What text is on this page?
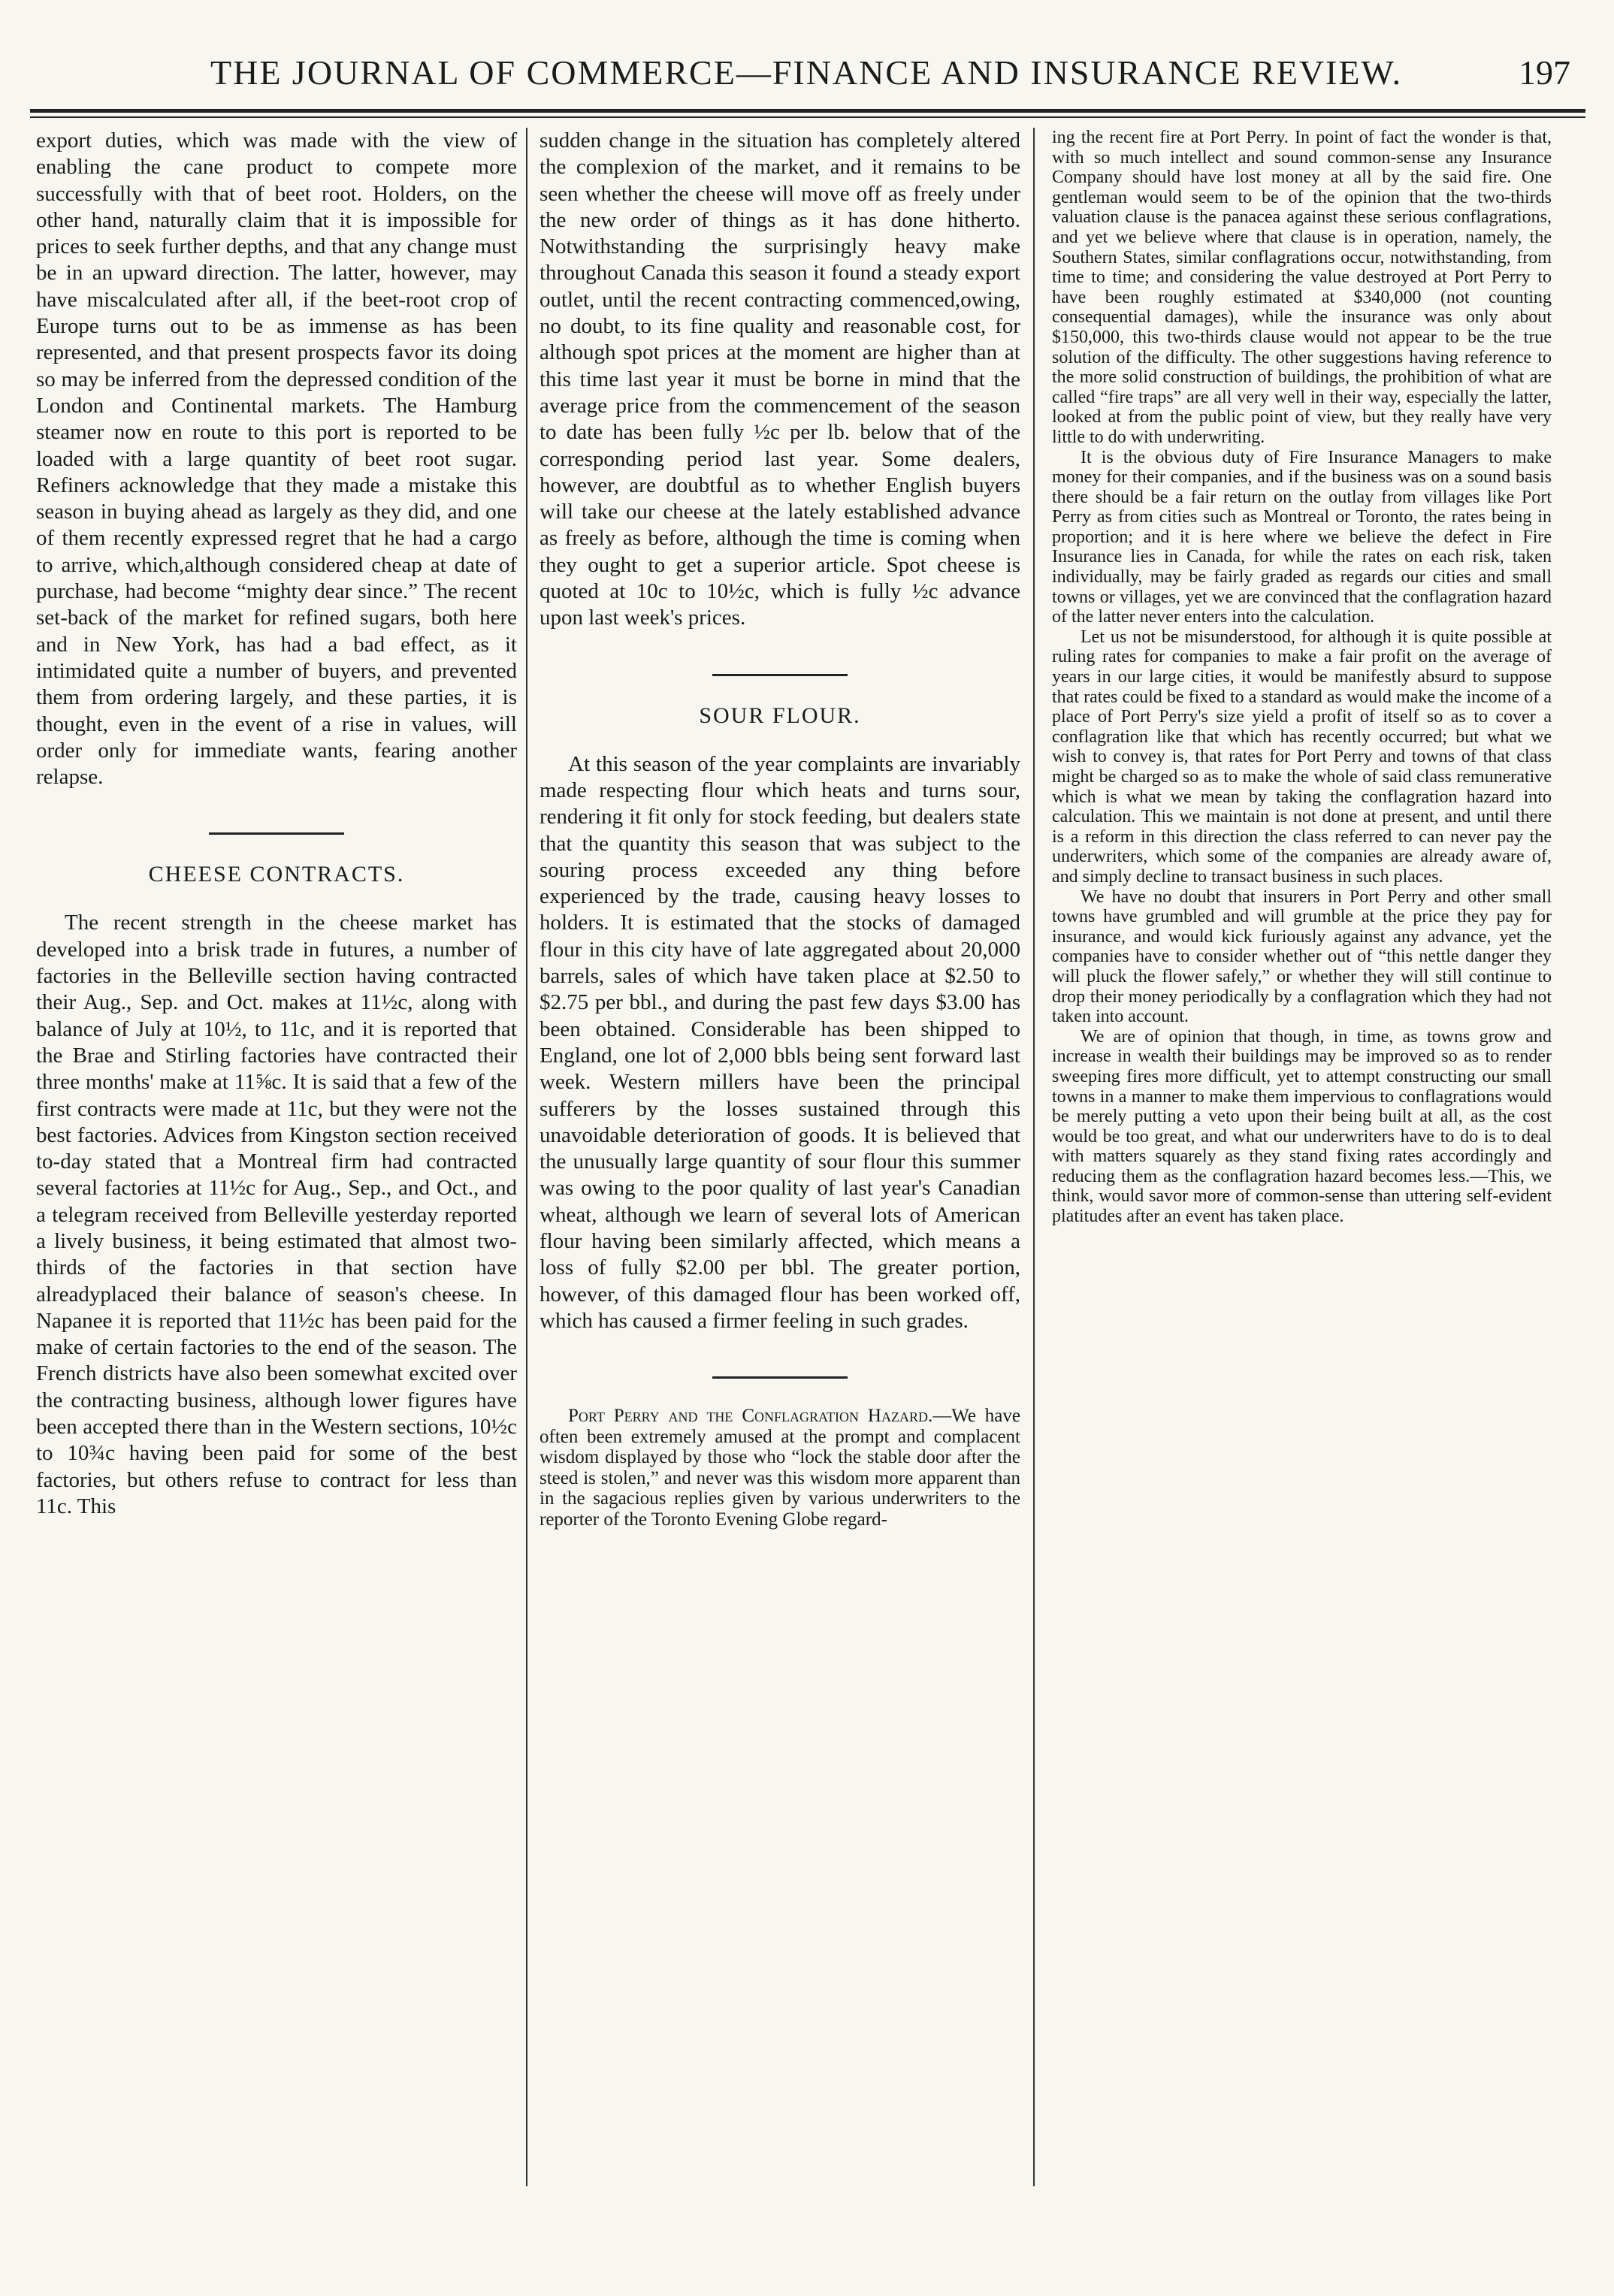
THE JOURNAL OF COMMERCE—FINANCE AND INSURANCE REVIEW.	197

export duties, which was made with the view of enabling the cane product to compete more successfully with that of beet root. Holders, on the other hand, naturally claim that it is impossible for prices to seek further depths, and that any change must be in an upward direction. The latter, however, may have miscalculated after all, if the beet-root crop of Europe turns out to be as immense as has been represented, and that present prospects favor its doing so may be inferred from the depressed condition of the London and Continental markets. The Hamburg steamer now en route to this port is reported to be loaded with a large quantity of beet root sugar. Refiners acknowledge that they made a mistake this season in buying ahead as largely as they did, and one of them recently expressed regret that he had a cargo to arrive, which,although considered cheap at date of purchase, had become “mighty dear since.” The recent set-back of the market for refined sugars, both here and in New York, has had a bad effect, as it intimidated quite a number of buyers, and prevented them from ordering largely, and these parties, it is thought, even in the event of a rise in values, will order only for immediate wants, fearing another relapse.

CHEESE CONTRACTS.

The recent strength in the cheese market has developed into a brisk trade in futures, a number of factories in the Belleville section having contracted their Aug., Sep. and Oct. makes at 11½c, along with balance of July at 10½, to 11c, and it is reported that the Brae and Stirling factories have contracted their three months' make at 11⅝c. It is said that a few of the first contracts were made at 11c, but they were not the best factories. Advices from Kingston section received to-day stated that a Montreal firm had contracted several factories at 11½c for Aug., Sep., and Oct., and a telegram received from Belleville yesterday reported a lively business, it being estimated that almost two-thirds of the factories in that section have alreadyplaced their balance of season's cheese. In Napanee it is reported that 11½c has been paid for the make of certain factories to the end of the season. The French districts have also been somewhat excited over the contracting business, although lower figures have been accepted there than in the Western sections, 10½c to 10¾c having been paid for some of the best factories, but others refuse to contract for less than 11c. This

sudden change in the situation has completely altered the complexion of the market, and it remains to be seen whether the cheese will move off as freely under the new order of things as it has done hitherto. Notwithstanding the surprisingly heavy make throughout Canada this season it found a steady export outlet, until the recent contracting commenced,owing, no doubt, to its fine quality and reasonable cost, for although spot prices at the moment are higher than at this time last year it must be borne in mind that the average price from the commencement of the season to date has been fully ½c per lb. below that of the corresponding period last year. Some dealers, however, are doubtful as to whether English buyers will take our cheese at the lately established advance as freely as before, although the time is coming when they ought to get a superior article. Spot cheese is quoted at 10c to 10½c, which is fully ½c advance upon last week's prices.

SOUR FLOUR.

At this season of the year complaints are invariably made respecting flour which heats and turns sour, rendering it fit only for stock feeding, but dealers state that the quantity this season that was subject to the souring process exceeded any thing before experienced by the trade, causing heavy losses to holders. It is estimated that the stocks of damaged flour in this city have of late aggregated about 20,000 barrels, sales of which have taken place at $2.50 to $2.75 per bbl., and during the past few days $3.00 has been obtained. Considerable has been shipped to England, one lot of 2,000 bbls being sent forward last week. Western millers have been the principal sufferers by the losses sustained through this unavoidable deterioration of goods. It is believed that the unusually large quantity of sour flour this summer was owing to the poor quality of last year's Canadian wheat, although we learn of several lots of American flour having been similarly affected, which means a loss of fully $2.00 per bbl. The greater portion, however, of this damaged flour has been worked off, which has caused a firmer feeling in such grades.

Port Perry and the Conflagration Hazard.—We have often been extremely amused at the prompt and complacent wisdom displayed by those who “lock the stable door after the steed is stolen,” and never was this wisdom more apparent than in the sagacious replies given by various underwriters to the reporter of the Toronto Evening Globe regard-

ing the recent fire at Port Perry. In point of fact the wonder is that, with so much intellect and sound common-sense any Insurance Company should have lost money at all by the said fire. One gentleman would seem to be of the opinion that the two-thirds valuation clause is the panacea against these serious conflagrations, and yet we believe where that clause is in operation, namely, the Southern States, similar conflagrations occur, notwithstanding, from time to time; and considering the value destroyed at Port Perry to have been roughly estimated at $340,000 (not counting consequential damages), while the insurance was only about $150,000, this two-thirds clause would not appear to be the true solution of the difficulty. The other suggestions having reference to the more solid construction of buildings, the prohibition of what are called “fire traps” are all very well in their way, especially the latter, looked at from the public point of view, but they really have very little to do with underwriting.

It is the obvious duty of Fire Insurance Managers to make money for their companies, and if the business was on a sound basis there should be a fair return on the outlay from villages like Port Perry as from cities such as Montreal or Toronto, the rates being in proportion; and it is here where we believe the defect in Fire Insurance lies in Canada, for while the rates on each risk, taken individually, may be fairly graded as regards our cities and small towns or villages, yet we are convinced that the conflagration hazard of the latter never enters into the calculation.

Let us not be misunderstood, for although it is quite possible at ruling rates for companies to make a fair profit on the average of years in our large cities, it would be manifestly absurd to suppose that rates could be fixed to a standard as would make the income of a place of Port Perry's size yield a profit of itself so as to cover a conflagration like that which has recently occurred; but what we wish to convey is, that rates for Port Perry and towns of that class might be charged so as to make the whole of said class remunerative which is what we mean by taking the conflagration hazard into calculation. This we maintain is not done at present, and until there is a reform in this direction the class referred to can never pay the underwriters, which some of the companies are already aware of, and simply decline to transact business in such places.

We have no doubt that insurers in Port Perry and other small towns have grumbled and will grumble at the price they pay for insurance, and would kick furiously against any advance, yet the companies have to consider whether out of “this nettle danger they will pluck the flower safely,” or whether they will still continue to drop their money periodically by a conflagration which they had not taken into account.

We are of opinion that though, in time, as towns grow and increase in wealth their buildings may be improved so as to render sweeping fires more difficult, yet to attempt constructing our small towns in a manner to make them impervious to conflagrations would be merely putting a veto upon their being built at all, as the cost would be too great, and what our underwriters have to do is to deal with matters squarely as they stand fixing rates accordingly and reducing them as the conflagration hazard becomes less.—This, we think, would savor more of common-sense than uttering self-evident platitudes after an event has taken place.
